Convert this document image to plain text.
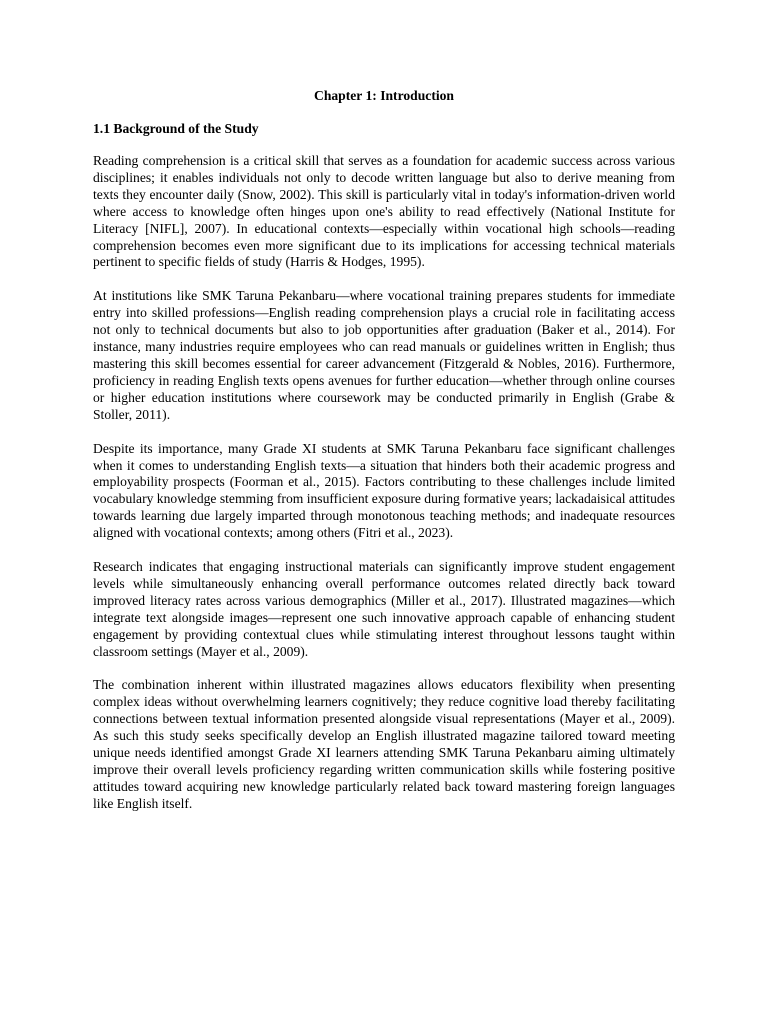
Chapter 1: Introduction
1.1 Background of the Study

Reading comprehension is a critical skill that serves as a foundation for academic success across various disciplines; it enables individuals not only to decode written language but also to derive meaning from texts they encounter daily (Snow, 2002). This skill is particularly vital in today's information-driven world where access to knowledge often hinges upon one's ability to read effectively (National Institute for Literacy [NIFL], 2007). In educational contexts—especially within vocational high schools—reading comprehension becomes even more significant due to its implications for accessing technical materials pertinent to specific fields of study (Harris & Hodges, 1995).

At institutions like SMK Taruna Pekanbaru—where vocational training prepares students for immediate entry into skilled professions—English reading comprehension plays a crucial role in facilitating access not only to technical documents but also to job opportunities after graduation (Baker et al., 2014). For instance, many industries require employees who can read manuals or guidelines written in English; thus mastering this skill becomes essential for career advancement (Fitzgerald & Nobles, 2016). Furthermore, proficiency in reading English texts opens avenues for further education—whether through online courses or higher education institutions where coursework may be conducted primarily in English (Grabe & Stoller, 2011).

Despite its importance, many Grade XI students at SMK Taruna Pekanbaru face significant challenges when it comes to understanding English texts—a situation that hinders both their academic progress and employability prospects (Foorman et al., 2015). Factors contributing to these challenges include limited vocabulary knowledge stemming from insufficient exposure during formative years; lackadaisical attitudes towards learning due largely imparted through monotonous teaching methods; and inadequate resources aligned with vocational contexts; among others (Fitri et al., 2023).

Research indicates that engaging instructional materials can significantly improve student engagement levels while simultaneously enhancing overall performance outcomes related directly back toward improved literacy rates across various demographics (Miller et al., 2017). Illustrated magazines—which integrate text alongside images—represent one such innovative approach capable of enhancing student engagement by providing contextual clues while stimulating interest throughout lessons taught within classroom settings (Mayer et al., 2009).

The combination inherent within illustrated magazines allows educators flexibility when presenting complex ideas without overwhelming learners cognitively; they reduce cognitive load thereby facilitating connections between textual information presented alongside visual representations (Mayer et al., 2009). As such this study seeks specifically develop an English illustrated magazine tailored toward meeting unique needs identified amongst Grade XI learners attending SMK Taruna Pekanbaru aiming ultimately improve their overall levels proficiency regarding written communication skills while fostering positive attitudes toward acquiring new knowledge particularly related back toward mastering foreign languages like English itself.
